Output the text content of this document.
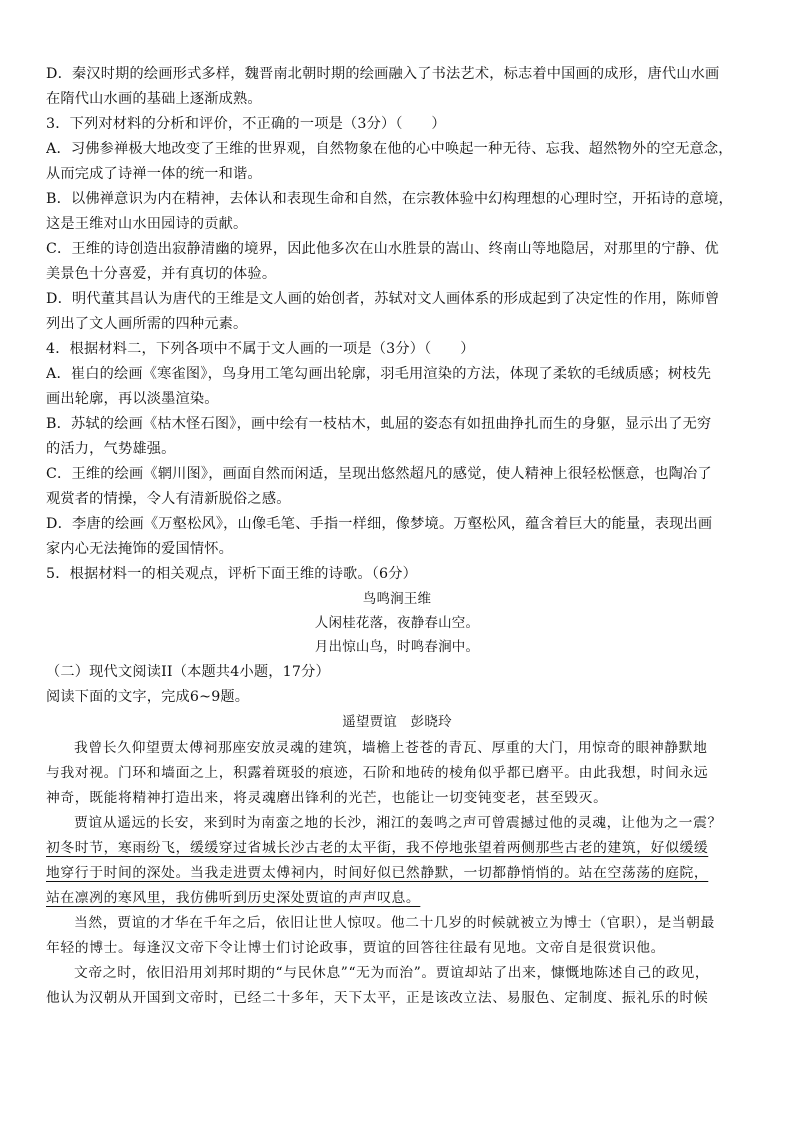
D．秦汉时期的绘画形式多样，魏晋南北朝时期的绘画融入了书法艺术，标志着中国画的成形，唐代山水画
在隋代山水画的基础上逐渐成熟。
3．下列对材料的分析和评价，不正确的一项是（3分）（　　）
A．习佛参禅极大地改变了王维的世界观，自然物象在他的心中唤起一种无待、忘我、超然物外的空无意念，
从而完成了诗禅一体的统一和谐。
B．以佛禅意识为内在精神，去体认和表现生命和自然，在宗教体验中幻构理想的心理时空，开拓诗的意境，
这是王维对山水田园诗的贡献。
C．王维的诗创造出寂静清幽的境界，因此他多次在山水胜景的嵩山、终南山等地隐居，对那里的宁静、优
美景色十分喜爱，并有真切的体验。
D．明代董其昌认为唐代的王维是文人画的始创者，苏轼对文人画体系的形成起到了决定性的作用，陈师曾
列出了文人画所需的四种元素。
4．根据材料二，下列各项中不属于文人画的一项是（3分）（　　）
A．崔白的绘画《寒雀图》，鸟身用工笔勾画出轮廓，羽毛用渲染的方法，体现了柔软的毛绒质感；树枝先
画出轮廓，再以淡墨渲染。
B．苏轼的绘画《枯木怪石图》，画中绘有一枝枯木，虬屈的姿态有如扭曲挣扎而生的身躯，显示出了无穷
的活力，气势雄强。
C．王维的绘画《辋川图》，画面自然而闲适，呈现出悠然超凡的感觉，使人精神上很轻松惬意，也陶冶了
观赏者的情操，令人有清新脱俗之感。
D．李唐的绘画《万壑松风》，山像毛笔、手指一样细，像梦境。万壑松风，蕴含着巨大的能量，表现出画
家内心无法掩饰的爱国情怀。
5．根据材料一的相关观点，评析下面王维的诗歌。（6分）
鸟鸣涧王维
人闲桂花落，夜静春山空。
月出惊山鸟，时鸣春涧中。
（二）现代文阅读II（本题共4小题，17分）
阅读下面的文字，完成6~9题。
遥望贾谊　彭晓玲
我曾长久仰望贾太傅祠那座安放灵魂的建筑，墙檐上苍苍的青瓦、厚重的大门，用惊奇的眼神静默地
与我对视。门环和墙面之上，积露着斑驳的痕迹，石阶和地砖的棱角似乎都已磨平。由此我想，时间永远
神奇，既能将精神打造出来，将灵魂磨出锋利的光芒，也能让一切变钝变老，甚至毁灭。
贾谊从遥远的长安，来到时为南蛮之地的长沙，湘江的轰鸣之声可曾震撼过他的灵魂，让他为之一震？
初冬时节，寒雨纷飞，缓缓穿过省城长沙古老的太平街，我不停地张望着两侧那些古老的建筑，好似缓缓
地穿行于时间的深处。当我走进贾太傅祠内，时间好似已然静默，一切都静悄悄的。站在空荡荡的庭院，
站在凛冽的寒风里，我仿佛听到历史深处贾谊的声声叹息。
当然，贾谊的才华在千年之后，依旧让世人惊叹。他二十几岁的时候就被立为博士（官职），是当朝最
年轻的博士。每逢汉文帝下令让博士们讨论政事，贾谊的回答往往最有见地。文帝自是很赏识他。
文帝之时，依旧沿用刘邦时期的“与民休息”“无为而治”。贾谊却站了出来，慷慨地陈述自己的政见，
他认为汉朝从开国到文帝时，已经二十多年，天下太平，正是该改立法、易服色、定制度、振礼乐的时候
